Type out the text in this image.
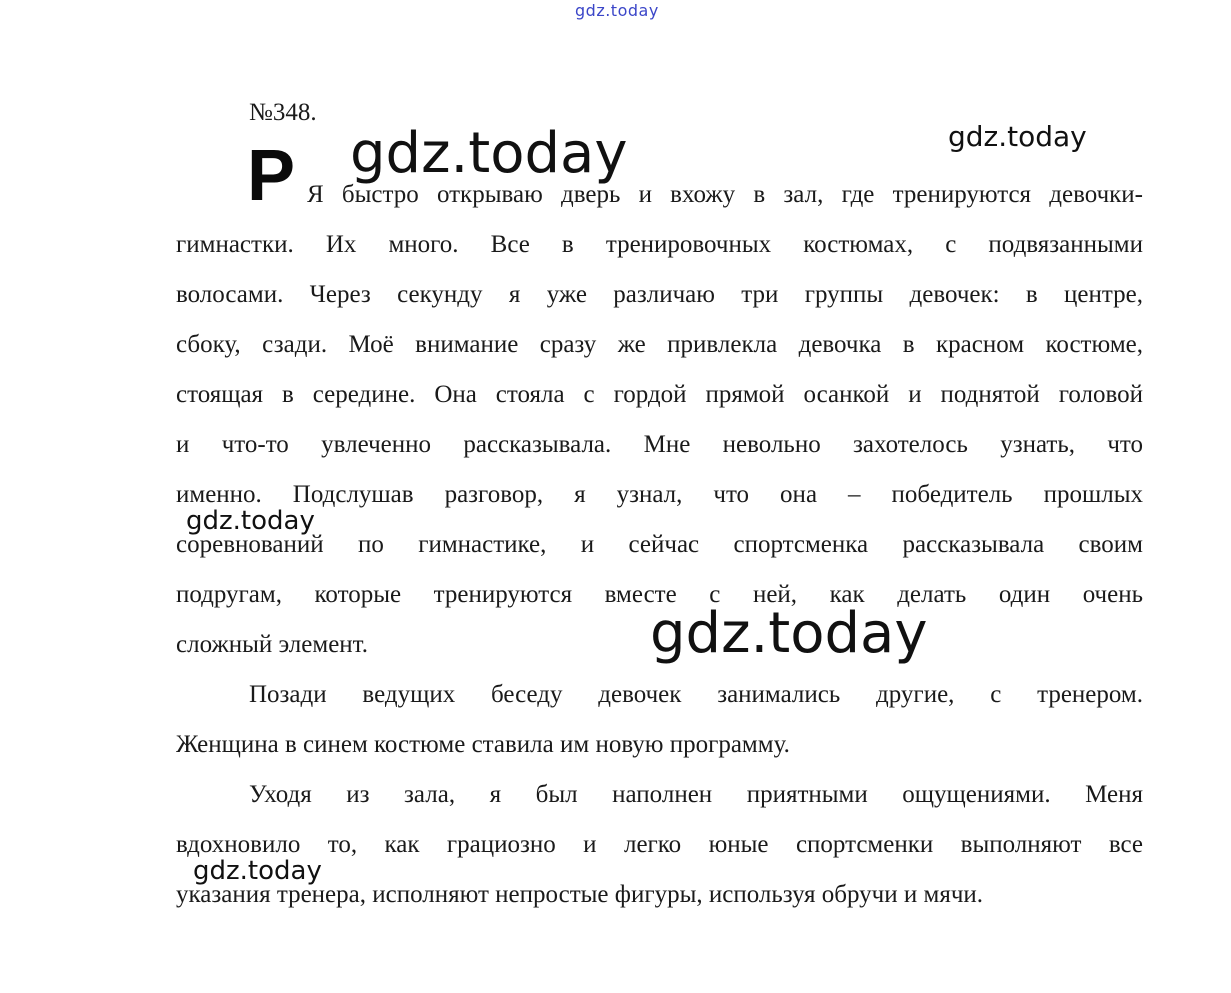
gdz.today
gdz.today	gdz.today
gdz.today
gdz.today
gdz.today
№348.
Р Я быстро открываю дверь и вхожу в зал, где тренируются девочки-
гимнастки. Их много. Все в тренировочных костюмах, с подвязанными
волосами. Через секунду я уже различаю три группы девочек: в центре,
сбоку, сзади. Моё внимание сразу же привлекла девочка в красном костюме,
стоящая в середине. Она стояла с гордой прямой осанкой и поднятой головой
и что-то увлеченно рассказывала. Мне невольно захотелось узнать, что
именно. Подслушав разговор, я узнал, что она – победитель прошлых
соревнований по гимнастике, и сейчас спортсменка рассказывала своим
подругам, которые тренируются вместе с ней, как делать один очень
сложный элемент.
Позади ведущих беседу девочек занимались другие, с тренером.
Женщина в синем костюме ставила им новую программу.
Уходя из зала, я был наполнен приятными ощущениями. Меня
вдохновило то, как грациозно и легко юные спортсменки выполняют все
указания тренера, исполняют непростые фигуры, используя обручи и мячи.
